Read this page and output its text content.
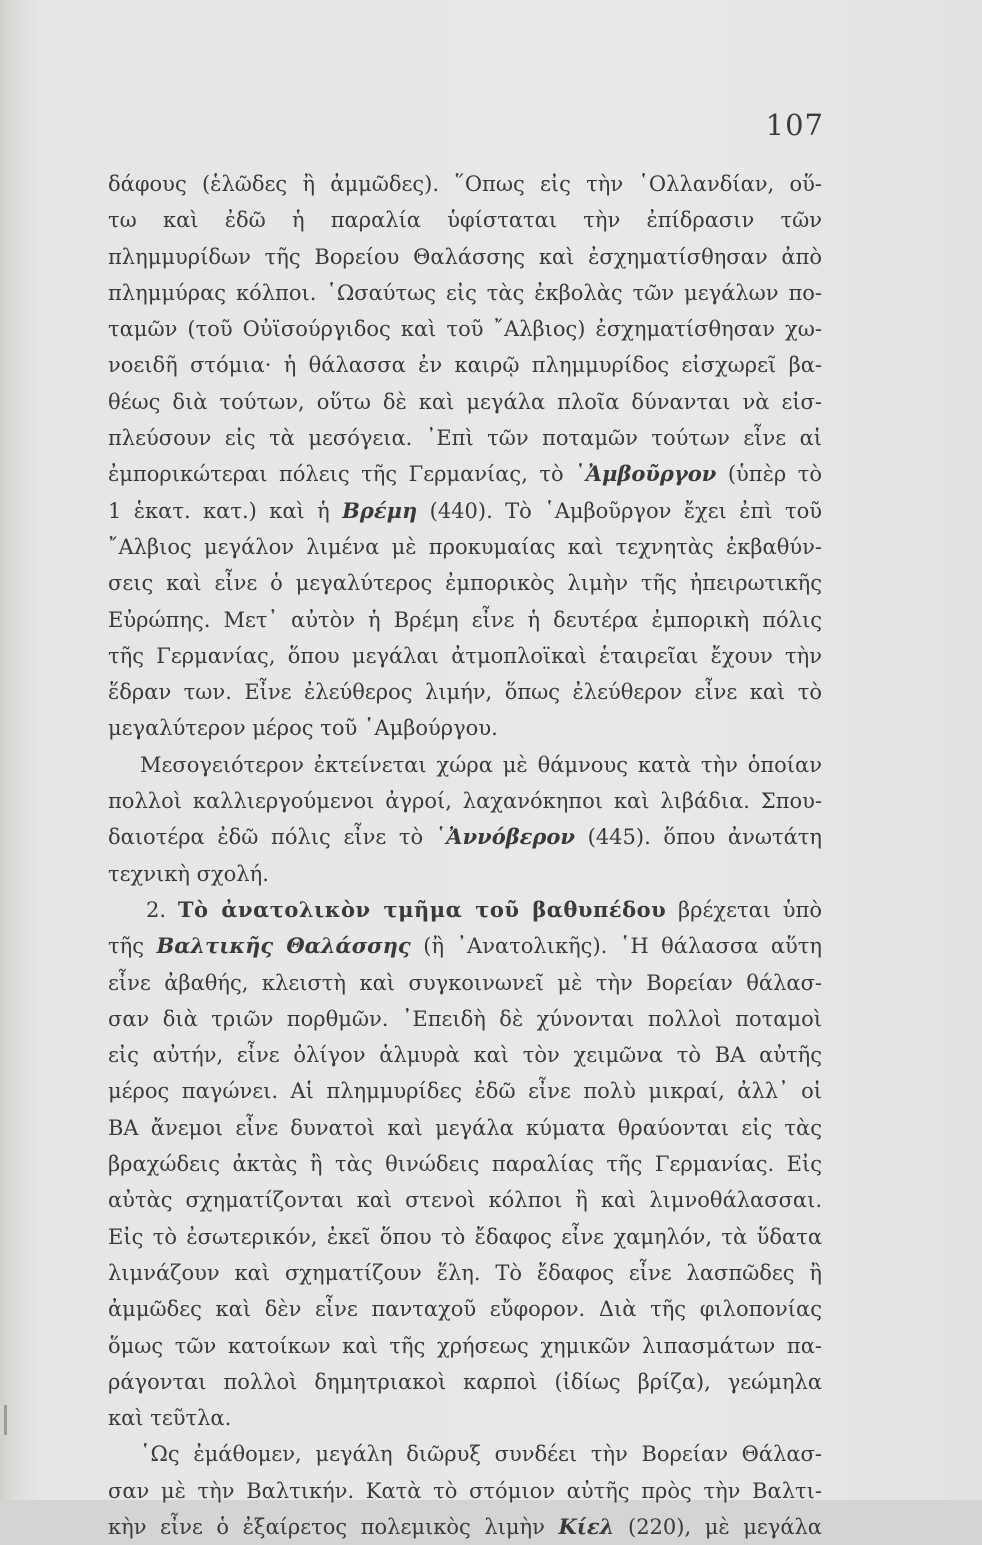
107
δάφους (ἑλῶδες ἢ ἀμμῶδες). ῞Οπως εἰς τὴν ῾Ολλανδίαν, οὕ-
τω καὶ ἐδῶ ἡ παραλία ὑφίσταται τὴν ἐπίδρασιν τῶν
πλημμυρίδων τῆς Βορείου Θαλάσσης καὶ ἐσχηματίσθησαν ἀπὸ
πλημμύρας κόλποι. ῾Ωσαύτως εἰς τὰς ἐκβολὰς τῶν μεγάλων πο-
ταμῶν (τοῦ Οὐϊσούργιδος καὶ τοῦ ῎Αλβιος) ἐσχηματίσθησαν χω-
νοειδῆ στόμια· ἡ θάλασσα ἐν καιρῷ πλημμυρίδος εἰσχωρεῖ βα-
θέως διὰ τούτων, οὕτω δὲ καὶ μεγάλα πλοῖα δύνανται νὰ εἰσ-
πλεύσουν εἰς τὰ μεσόγεια. ᾿Επὶ τῶν ποταμῶν τούτων εἶνε αἱ
ἐμπορικώτεραι πόλεις τῆς Γερμανίας, τὸ ῾Ἀμβοῦργον (ὑπὲρ τὸ
1 ἑκατ. κατ.) καὶ ἡ Βρέμη (440). Τὸ ῾Αμβοῦργον ἔχει ἐπὶ τοῦ
῎Αλβιος μεγάλον λιμένα μὲ προκυμαίας καὶ τεχνητὰς ἐκβαθύν-
σεις καὶ εἶνε ὁ μεγαλύτερος ἐμπορικὸς λιμὴν τῆς ἠπειρωτικῆς
Εὐρώπης. Μετ᾿ αὐτὸν ἡ Βρέμη εἶνε ἡ δευτέρα ἐμπορικὴ πόλις
τῆς Γερμανίας, ὅπου μεγάλαι ἀτμοπλοϊκαὶ ἑταιρεῖαι ἔχουν τὴν
ἕδραν των. Εἶνε ἐλεύθερος λιμήν, ὅπως ἐλεύθερον εἶνε καὶ τὸ
μεγαλύτερον μέρος τοῦ ῾Αμβούργου.
Μεσογειότερον ἐκτείνεται χώρα μὲ θάμνους κατὰ τὴν ὁποίαν
πολλοὶ καλλιεργούμενοι ἀγροί, λαχανόκηποι καὶ λιβάδια. Σπου-
δαιοτέρα ἐδῶ πόλις εἶνε τὸ ῾Ἀννόβερον (445). ὅπου ἀνωτάτη
τεχνικὴ σχολή.
2. Τὸ ἀνατολικὸν τμῆμα τοῦ βαθυπέδου βρέχεται ὑπὸ
τῆς Βαλτικῆς Θαλάσσης (ἢ ᾿Ανατολικῆς). ῾Η θάλασσα αὕτη
εἶνε ἀβαθής, κλειστὴ καὶ συγκοινωνεῖ μὲ τὴν Βορείαν θάλασ-
σαν διὰ τριῶν πορθμῶν. ᾿Επειδὴ δὲ χύνονται πολλοὶ ποταμοὶ
εἰς αὐτήν, εἶνε ὀλίγον ἁλμυρὰ καὶ τὸν χειμῶνα τὸ ΒΑ αὐτῆς
μέρος παγώνει. Αἱ πλημμυρίδες ἐδῶ εἶνε πολὺ μικραί, ἀλλ᾿ οἱ
ΒΑ ἄνεμοι εἶνε δυνατοὶ καὶ μεγάλα κύματα θραύονται εἰς τὰς
βραχώδεις ἀκτὰς ἢ τὰς θινώδεις παραλίας τῆς Γερμανίας. Εἰς
αὐτὰς σχηματίζονται καὶ στενοὶ κόλποι ἢ καὶ λιμνοθάλασσαι.
Εἰς τὸ ἐσωτερικόν, ἐκεῖ ὅπου τὸ ἔδαφος εἶνε χαμηλόν, τὰ ὕδατα
λιμνάζουν καὶ σχηματίζουν ἕλη. Τὸ ἔδαφος εἶνε λασπῶδες ἢ
ἀμμῶδες καὶ δὲν εἶνε πανταχοῦ εὔφορον. Διὰ τῆς φιλοπονίας
ὅμως τῶν κατοίκων καὶ τῆς χρήσεως χημικῶν λιπασμάτων πα-
ράγονται πολλοὶ δημητριακοὶ καρποὶ (ἰδίως βρίζα), γεώμηλα
καὶ τεῦτλα.
῾Ως ἐμάθομεν, μεγάλη διῶρυξ συνδέει τὴν Βορείαν Θάλασ-
σαν μὲ τὴν Βαλτικήν. Κατὰ τὸ στόμιον αὐτῆς πρὸς τὴν Βαλτι-
κὴν εἶνε ὁ ἐξαίρετος πολεμικὸς λιμὴν Κίελ (220), μὲ μεγάλα
